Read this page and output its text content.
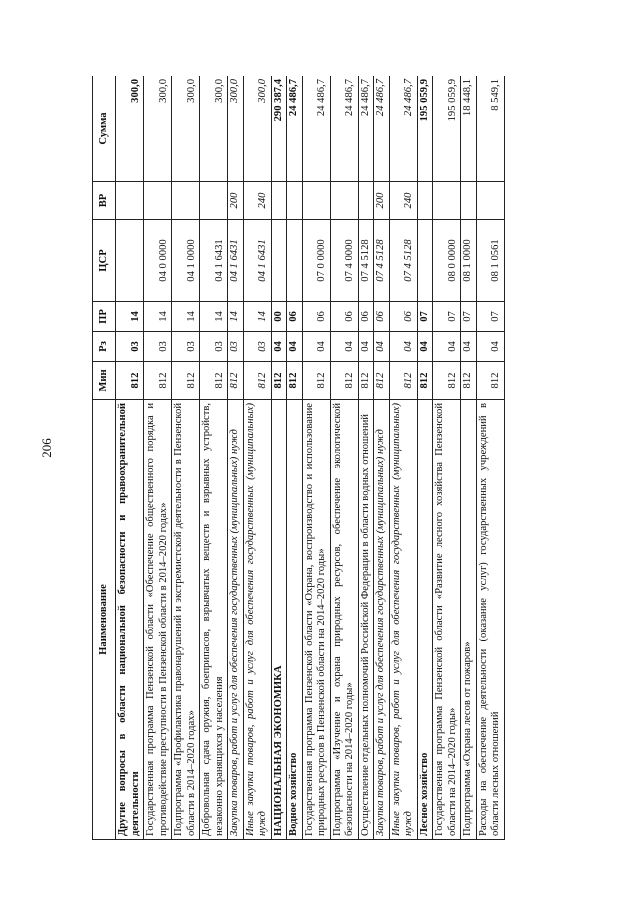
206
Наименование	Мин	Рз	ПР	ЦСР	ВР	Сумма
Другие вопросы в области национальной безопасности и правоохранительной деятельности	812	03	14			300,0
Государственная программа Пензенской области «Обеспечение общественного порядка и противодействие преступности в Пензенской области в 2014–2020 годах»	812	03	14	04 0 0000		300,0
Подпрограмма «Профилактика правонарушений и экстремистской деятельности в Пензенской области в 2014–2020 годах»	812	03	14	04 1 0000		300,0
Добровольная сдача оружия, боеприпасов, взрывчатых веществ и взрывных устройств, незаконно хранящихся у населения	812	03	14	04 1 6431		300,0
Закупка товаров, работ и услуг для обеспечения государственных (муниципальных) нужд	812	03	14	04 1 6431	200	300,0
Иные закупки товаров, работ и услуг для обеспечения государственных (муниципальных) нужд	812	03	14	04 1 6431	240	300,0
НАЦИОНАЛЬНАЯ ЭКОНОМИКА	812	04	00			290 387,4
Водное хозяйство	812	04	06			24 486,7
Государственная программа Пензенской области «Охрана, воспроизводство и использование природных ресурсов в Пензенской области на 2014–2020 годы»	812	04	06	07 0 0000		24 486,7
Подпрограмма «Изучение и охрана природных ресурсов, обеспечение экологической безопасности на 2014–2020 годы»	812	04	06	07 4 0000		24 486,7
Осуществление отдельных полномочий Российской Федерации в области водных отношений	812	04	06	07 4 5128		24 486,7
Закупка товаров, работ и услуг для обеспечения государственных (муниципальных) нужд	812	04	06	07 4 5128	200	24 486,7
Иные закупки товаров, работ и услуг для обеспечения государственных (муниципальных) нужд	812	04	06	07 4 5128	240	24 486,7
Лесное хозяйство	812	04	07			195 059,9
Государственная программа Пензенской области «Развитие лесного хозяйства Пензенской области на 2014–2020 годы»	812	04	07	08 0 0000		195 059,9
Подпрограмма «Охрана лесов от пожаров»	812	04	07	08 1 0000		18 448,1
Расходы на обеспечение деятельности (оказание услуг) государственных учреждений в области лесных отношений	812	04	07	08 1 0561		8 549,1
